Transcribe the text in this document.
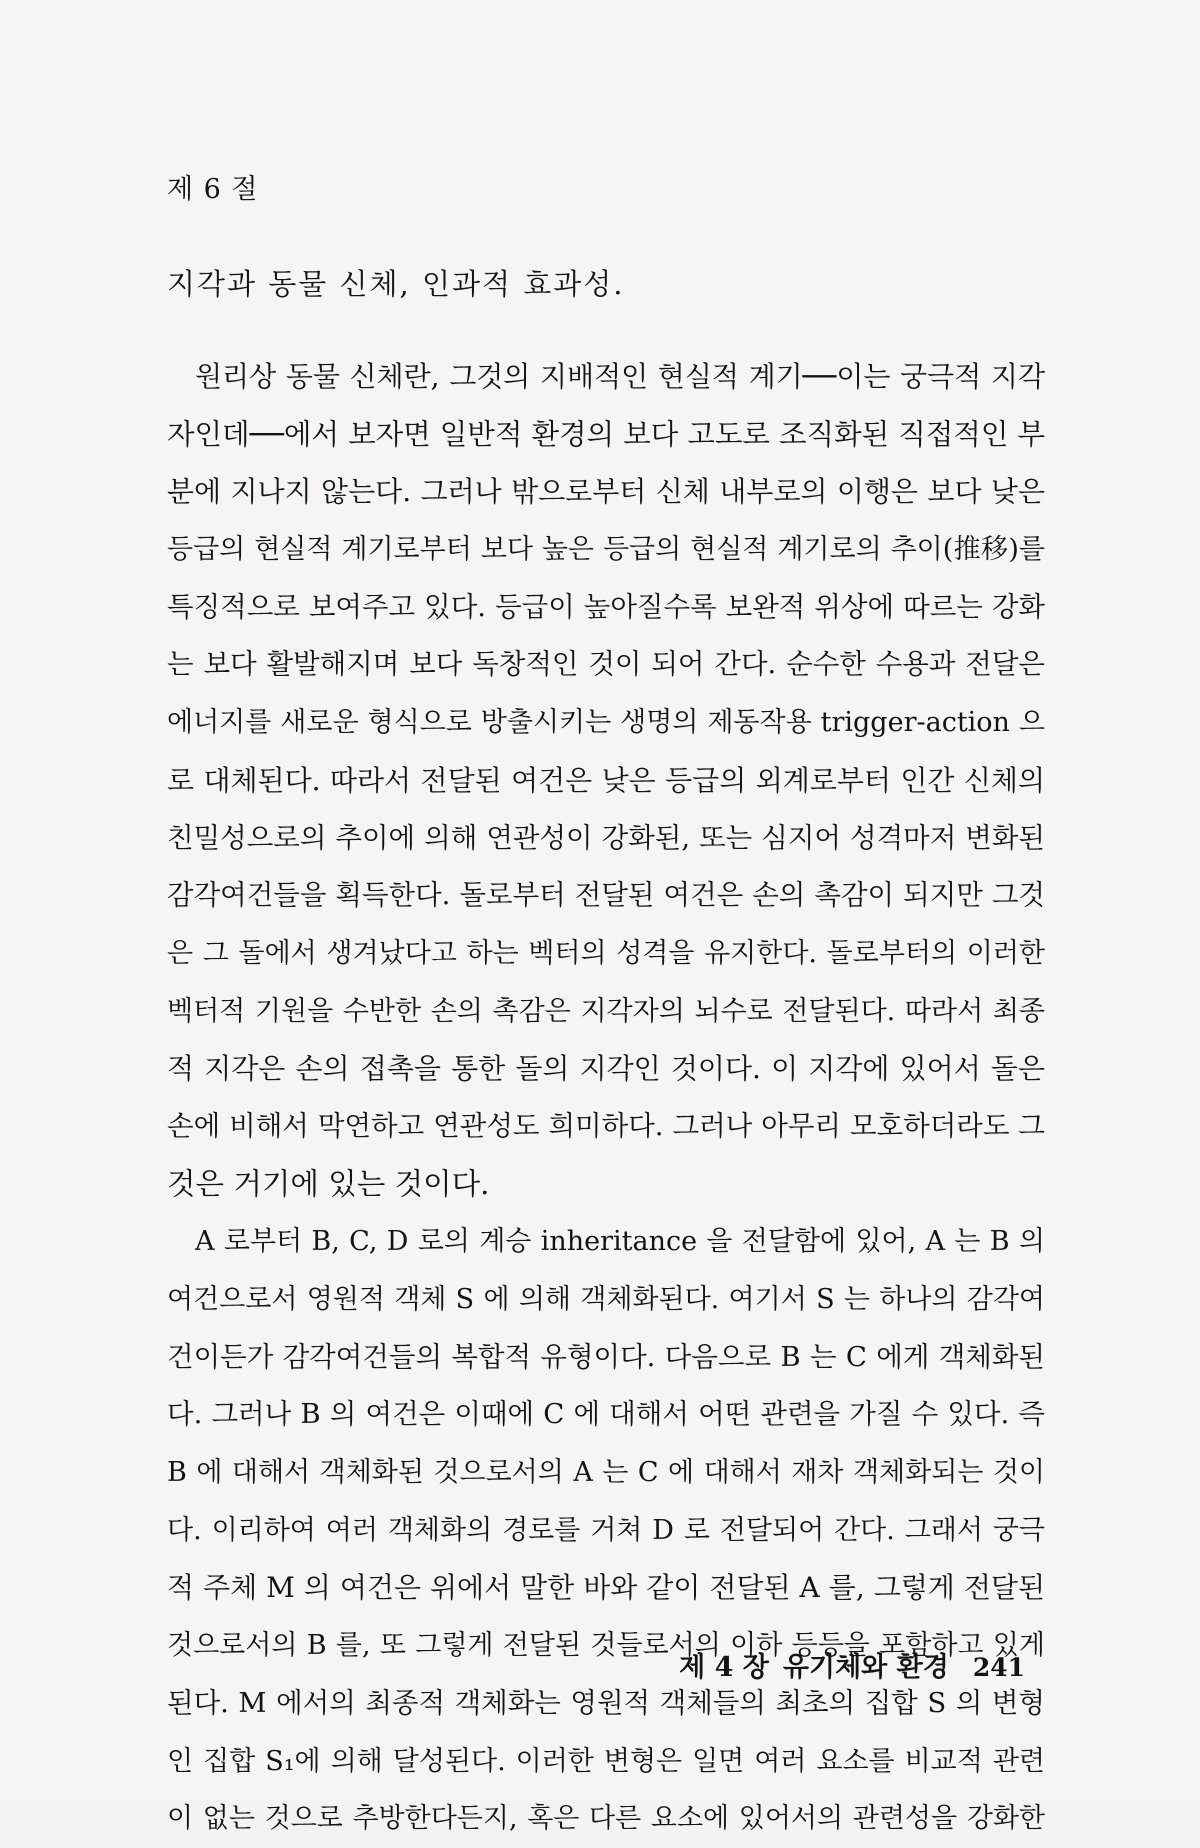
제 6 절
지각과 동물 신체, 인과적 효과성.
원리상 동물 신체란, 그것의 지배적인 현실적 계기──이는 궁극적 지각
자인데──에서 보자면 일반적 환경의 보다 고도로 조직화된 직접적인 부
분에 지나지 않는다. 그러나 밖으로부터 신체 내부로의 이행은 보다 낮은
등급의 현실적 계기로부터 보다 높은 등급의 현실적 계기로의 추이(推移)를
특징적으로 보여주고 있다. 등급이 높아질수록 보완적 위상에 따르는 강화
는 보다 활발해지며 보다 독창적인 것이 되어 간다. 순수한 수용과 전달은
에너지를 새로운 형식으로 방출시키는 생명의 제동작용 trigger-action 으
로 대체된다. 따라서 전달된 여건은 낮은 등급의 외계로부터 인간 신체의
친밀성으로의 추이에 의해 연관성이 강화된, 또는 심지어 성격마저 변화된
감각여건들을 획득한다. 돌로부터 전달된 여건은 손의 촉감이 되지만 그것
은 그 돌에서 생겨났다고 하는 벡터의 성격을 유지한다. 돌로부터의 이러한
벡터적 기원을 수반한 손의 촉감은 지각자의 뇌수로 전달된다. 따라서 최종
적 지각은 손의 접촉을 통한 돌의 지각인 것이다. 이 지각에 있어서 돌은
손에 비해서 막연하고 연관성도 희미하다. 그러나 아무리 모호하더라도 그
것은 거기에 있는 것이다.
A 로부터 B, C, D 로의 계승 inheritance 을 전달함에 있어, A 는 B 의
여건으로서 영원적 객체 S 에 의해 객체화된다. 여기서 S 는 하나의 감각여
건이든가 감각여건들의 복합적 유형이다. 다음으로 B 는 C 에게 객체화된
다. 그러나 B 의 여건은 이때에 C 에 대해서 어떤 관련을 가질 수 있다. 즉
B 에 대해서 객체화된 것으로서의 A 는 C 에 대해서 재차 객체화되는 것이
다. 이리하여 여러 객체화의 경로를 거쳐 D 로 전달되어 간다. 그래서 궁극
적 주체 M 의 여건은 위에서 말한 바와 같이 전달된 A 를, 그렇게 전달된
것으로서의 B 를, 또 그렇게 전달된 것들로서의 이하 등등을 포함하고 있게
된다. M 에서의 최종적 객체화는 영원적 객체들의 최초의 집합 S 의 변형
인 집합 S₁에 의해 달성된다. 이러한 변형은 일면 여러 요소를 비교적 관련
이 없는 것으로 추방한다든지, 혹은 다른 요소에 있어서의 관련성을 강화한
제 4 장 유기체와 환경 241
